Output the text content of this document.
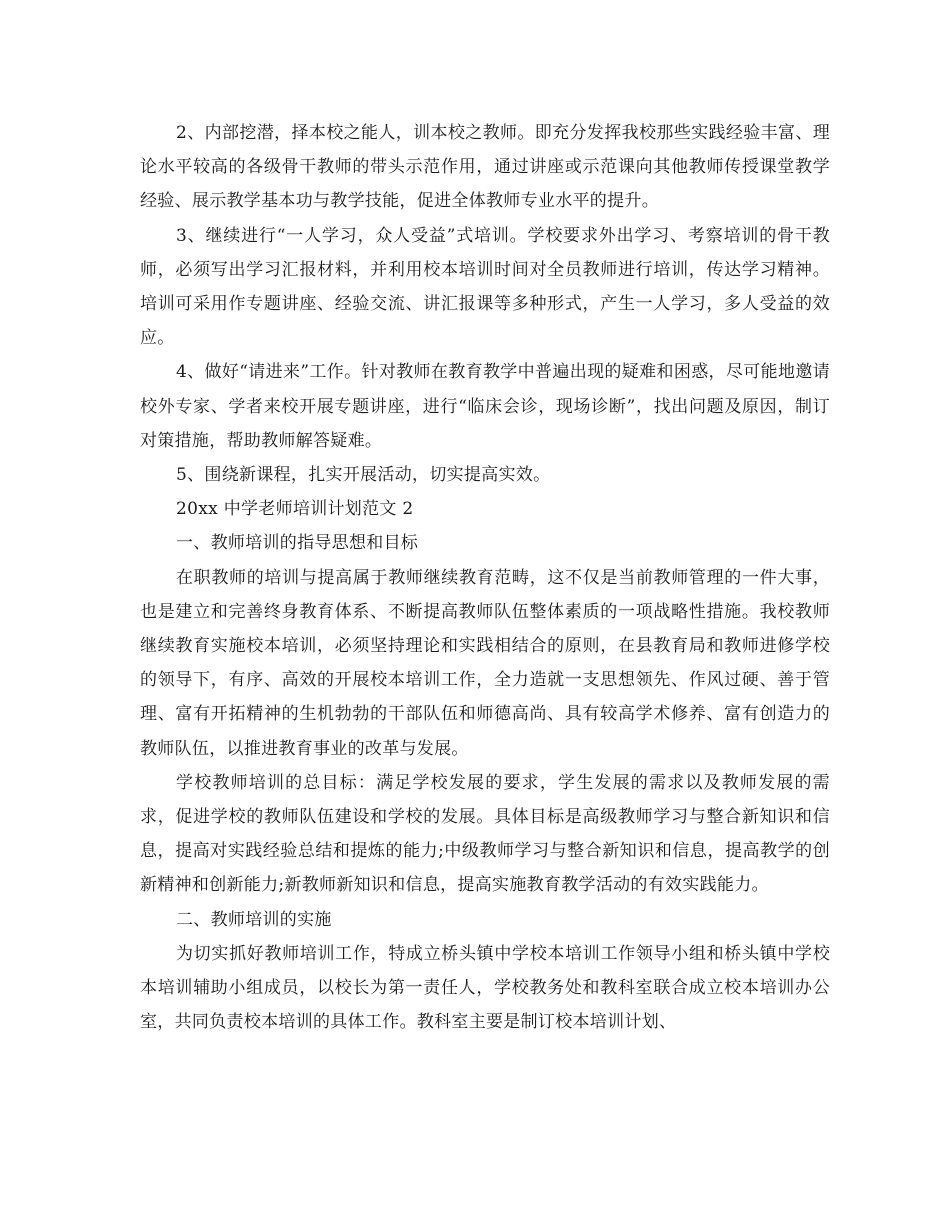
2、内部挖潜，择本校之能人，训本校之教师。即充分发挥我校那些实践经验丰富、理论水平较高的各级骨干教师的带头示范作用，通过讲座或示范课向其他教师传授课堂教学经验、展示教学基本功与教学技能，促进全体教师专业水平的提升。

3、继续进行“一人学习，众人受益”式培训。学校要求外出学习、考察培训的骨干教师，必须写出学习汇报材料，并利用校本培训时间对全员教师进行培训，传达学习精神。培训可采用作专题讲座、经验交流、讲汇报课等多种形式，产生一人学习，多人受益的效应。

4、做好“请进来”工作。针对教师在教育教学中普遍出现的疑难和困惑，尽可能地邀请校外专家、学者来校开展专题讲座，进行“临床会诊，现场诊断”，找出问题及原因，制订对策措施，帮助教师解答疑难。

5、围绕新课程，扎实开展活动，切实提高实效。

20xx 中学老师培训计划范文 2

一、教师培训的指导思想和目标

在职教师的培训与提高属于教师继续教育范畴，这不仅是当前教师管理的一件大事，也是建立和完善终身教育体系、不断提高教师队伍整体素质的一项战略性措施。我校教师继续教育实施校本培训，必须坚持理论和实践相结合的原则，在县教育局和教师进修学校的领导下，有序、高效的开展校本培训工作，全力造就一支思想领先、作风过硬、善于管理、富有开拓精神的生机勃勃的干部队伍和师德高尚、具有较高学术修养、富有创造力的教师队伍，以推进教育事业的改革与发展。

学校教师培训的总目标：满足学校发展的要求，学生发展的需求以及教师发展的需求，促进学校的教师队伍建设和学校的发展。具体目标是高级教师学习与整合新知识和信息，提高对实践经验总结和提炼的能力;中级教师学习与整合新知识和信息，提高教学的创新精神和创新能力;新教师新知识和信息，提高实施教育教学活动的有效实践能力。

二、教师培训的实施

为切实抓好教师培训工作，特成立桥头镇中学校本培训工作领导小组和桥头镇中学校本培训辅助小组成员，以校长为第一责任人，学校教务处和教科室联合成立校本培训办公室，共同负责校本培训的具体工作。教科室主要是制订校本培训计划、
